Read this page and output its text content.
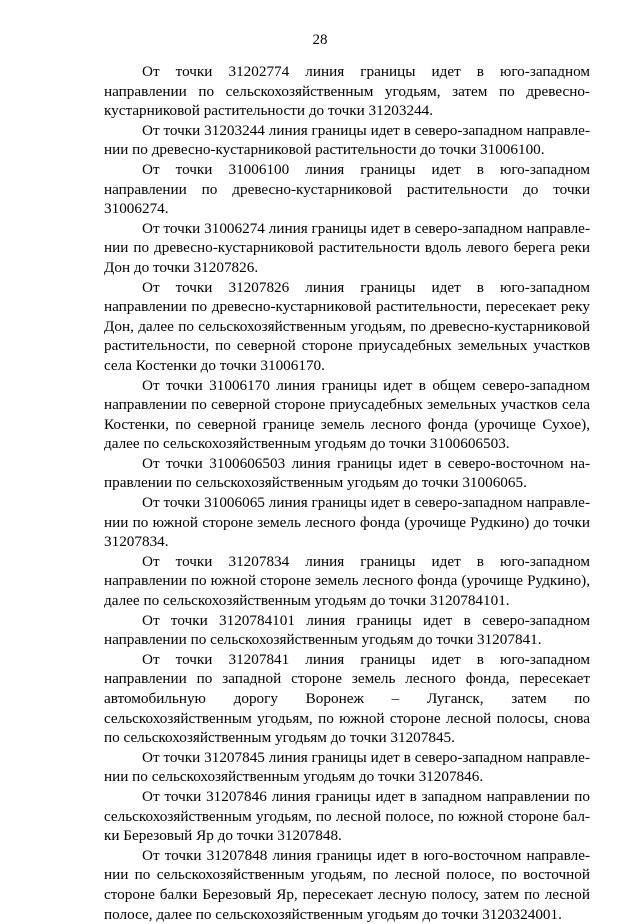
28

От точки 31202774 линия границы идет в юго-западном направлении по сельскохозяйственным угодьям, затем по древесно-кустарниковой растительности до точки 31203244.

От точки 31203244 линия границы идет в северо-западном направлении по древесно-кустарниковой растительности до точки 31006100.

От точки 31006100 линия границы идет в юго-западном направлении по древесно-кустарниковой растительности до точки 31006274.

От точки 31006274 линия границы идет в северо-западном направлении по древесно-кустарниковой растительности вдоль левого берега реки Дон до точки 31207826.

От точки 31207826 линия границы идет в юго-западном направлении по древесно-кустарниковой растительности, пересекает реку Дон, далее по сельскохозяйственным угодьям, по древесно-кустарниковой растительности, по северной стороне приусадебных земельных участков села Костенки до точки 31006170.

От точки 31006170 линия границы идет в общем северо-западном направлении по северной стороне приусадебных земельных участков села Костенки, по северной границе земель лесного фонда (урочище Сухое), далее по сельскохозяйственным угодьям до точки 3100606503.

От точки 3100606503 линия границы идет в северо-восточном направлении по сельскохозяйственным угодьям до точки 31006065.

От точки 31006065 линия границы идет в северо-западном направлении по южной стороне земель лесного фонда (урочище Рудкино) до точки 31207834.

От точки 31207834 линия границы идет в юго-западном направлении по южной стороне земель лесного фонда (урочище Рудкино), далее по сельскохозяйственным угодьям до точки 3120784101.

От точки 3120784101 линия границы идет в северо-западном направлении по сельскохозяйственным угодьям до точки 31207841.

От точки 31207841 линия границы идет в юго-западном направлении по западной стороне земель лесного фонда, пересекает автомобильную дорогу Воронеж – Луганск, затем по сельскохозяйственным угодьям, по южной стороне лесной полосы, снова по сельскохозяйственным угодьям до точки 31207845.

От точки 31207845 линия границы идет в северо-западном направлении по сельскохозяйственным угодьям до точки 31207846.

От точки 31207846 линия границы идет в западном направлении по сельскохозяйственным угодьям, по лесной полосе, по южной стороне балки Березовый Яр до точки 31207848.

От точки 31207848 линия границы идет в юго-восточном направлении по сельскохозяйственным угодьям, по лесной полосе, по восточной стороне балки Березовый Яр, пересекает лесную полосу, затем по лесной полосе, далее по сельскохозяйственным угодьям до точки 3120324001.
